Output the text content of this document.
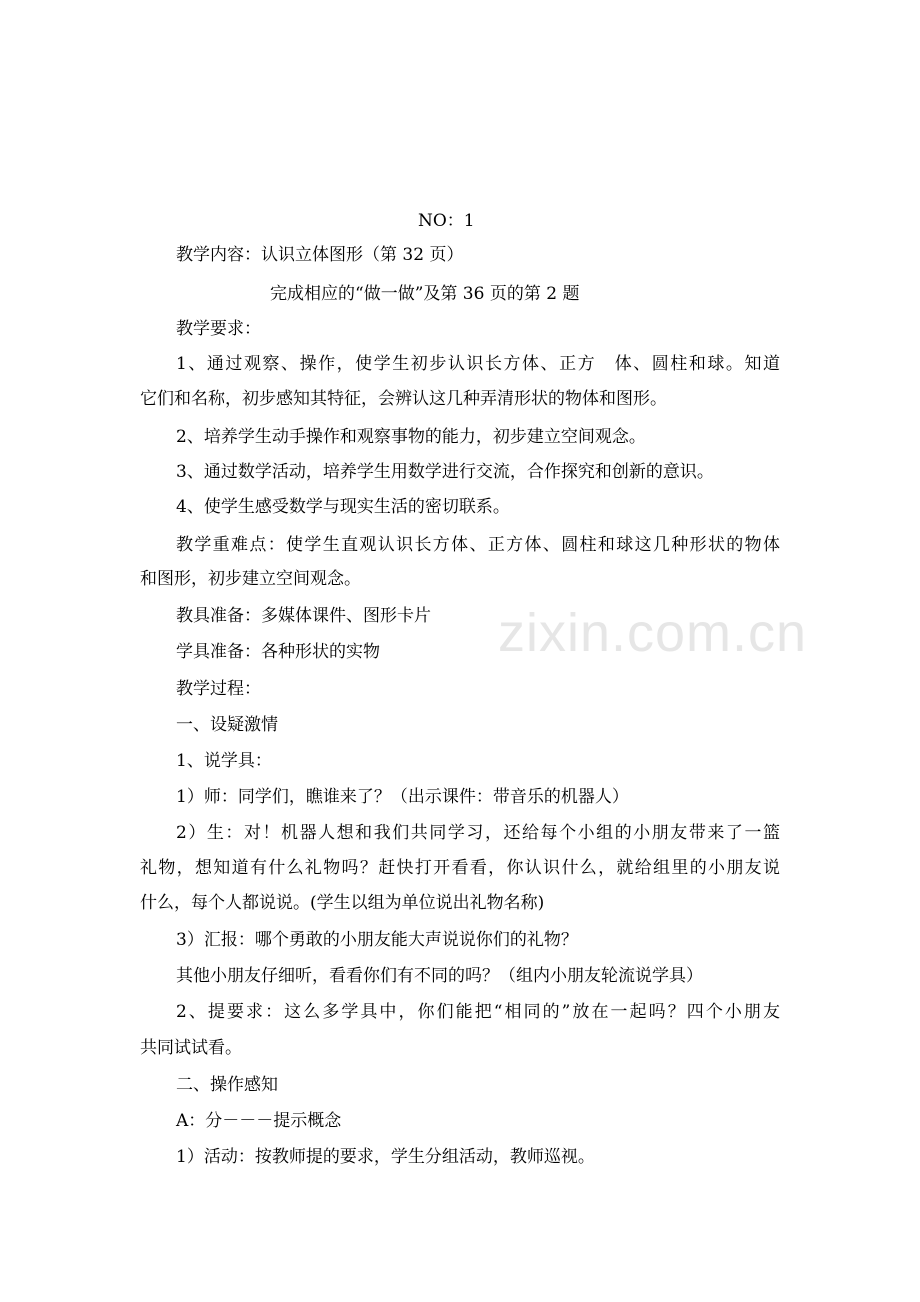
zixin.com.cn
NO：1
教学内容：认识立体图形（第 32 页）
完成相应的“做一做”及第 36 页的第 2 题
教学要求：
1、通过观察、操作，使学生初步认识长方体、正方　体、圆柱和球。知道
它们和名称，初步感知其特征，会辨认这几种弄清形状的物体和图形。
2、培养学生动手操作和观察事物的能力，初步建立空间观念。
3、通过数学活动，培养学生用数学进行交流，合作探究和创新的意识。
4、使学生感受数学与现实生活的密切联系。
教学重难点：使学生直观认识长方体、正方体、圆柱和球这几种形状的物体
和图形，初步建立空间观念。
教具准备：多媒体课件、图形卡片
学具准备：各种形状的实物
教学过程：
一、设疑激情
1、说学具：
1）师：同学们，瞧谁来了？（出示课件：带音乐的机器人）
2）生：对！机器人想和我们共同学习，还给每个小组的小朋友带来了一篮
礼物，想知道有什么礼物吗？赶快打开看看，你认识什么，就给组里的小朋友说
什么，每个人都说说。(学生以组为单位说出礼物名称)
3）汇报：哪个勇敢的小朋友能大声说说你们的礼物？
其他小朋友仔细听，看看你们有不同的吗？（组内小朋友轮流说学具）
2、提要求：这么多学具中，你们能把“相同的”放在一起吗？四个小朋友
共同试试看。
二、操作感知
A：分－－－提示概念
1）活动：按教师提的要求，学生分组活动，教师巡视。
